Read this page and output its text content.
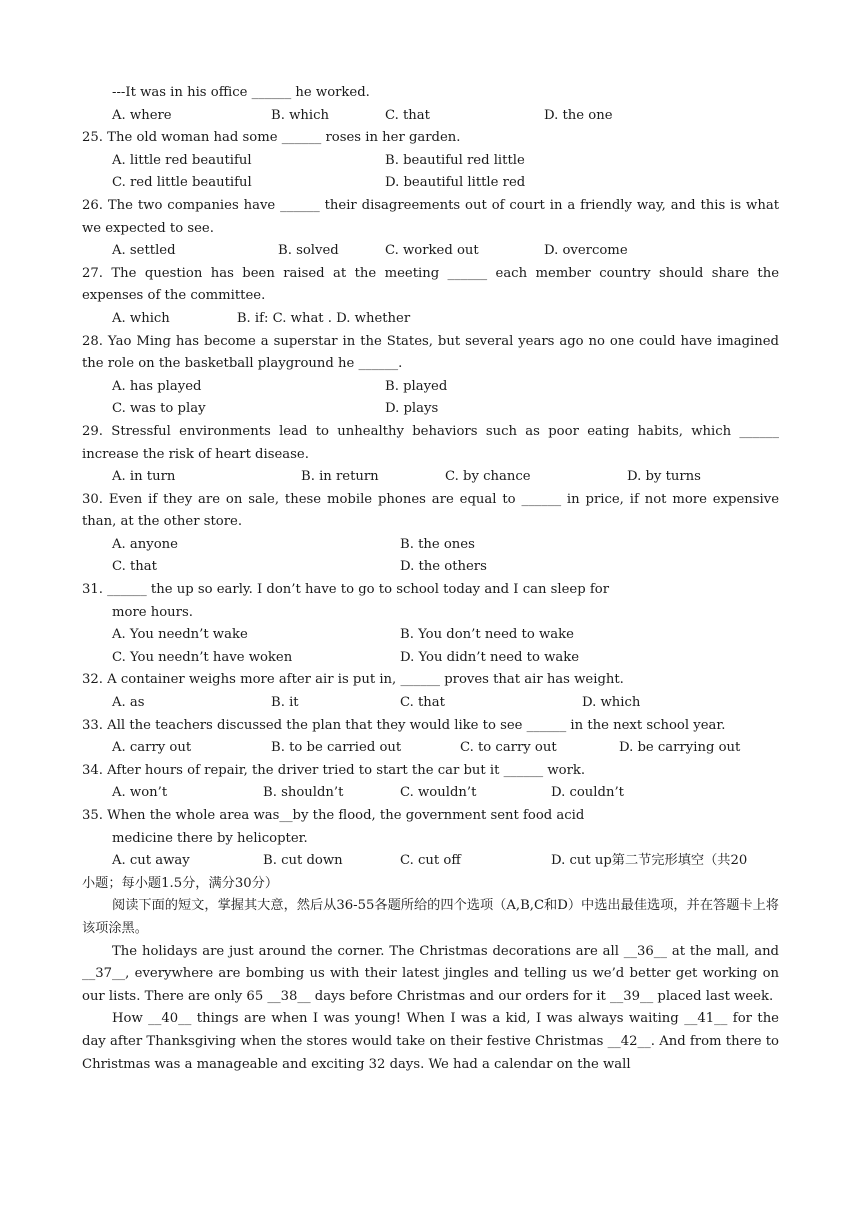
---It was in his office ______ he worked.

A. where

	B. which

	C. that

	D. the one

25. The old woman had some ______ roses in her garden.

A. little red beautiful

	B. beautiful red little

C. red little beautiful

	D. beautiful little red

26. The two companies have ______ their disagreements out of court in a friendly way, and this is what we expected to see.

A. settled

	B. solved

	C. worked out

	D. overcome

27. The question has been raised at the meeting ______ each member country should share the expenses of the committee.
A. which                B. if: C. what . D. whether
28. Yao Ming has become a superstar in the States, but several years ago no one could have imagined the role on the basketball playground he ______.

A. has played

	B. played

C. was to play

	D. plays

29. Stressful environments lead to unhealthy behaviors such as poor eating habits, which ______ increase the risk of heart disease.

A. in turn

	B. in return

	C. by chance

	D. by turns

30. Even if they are on sale, these mobile phones are equal to ______ in price, if not more expensive than, at the other store.

A. anyone

	B. the ones

C. that

	D. the others

31. ______ the up so early. I don’t have to go to school today and I can sleep for
more hours.

A. You needn’t wake

	B. You don’t need to wake

C. You needn’t have woken

	D. You didn’t need to wake

32. A container weighs more after air is put in, ______ proves that air has weight.

A. as

	B. it

	C. that

	D. which

33. All the teachers discussed the plan that they would like to see ______ in the next school year.

A. carry out

	B. to be carried out

	C. to carry out

	D. be carrying out

34. After hours of repair, the driver tried to start the car but it ______ work.

A. won’t

	B. shouldn’t

	C. wouldn’t

	D. couldn’t

35. When the whole area was__by the flood, the government sent food acid
medicine there by helicopter.

A. cut away

	B. cut down

	C. cut off

	D. cut up第二节完形填空（共20

小题；每小题1.5分，满分30分）
阅读下面的短文，掌握其大意，然后从36-55各题所给的四个选项（A,B,C和D）中选出最佳选项，并在答题卡上将该项涂黑。
The holidays are just around the corner. The Christmas decorations are all __36__ at the mall, and __37__, everywhere are bombing us with their latest jingles and telling us we’d better get working on our lists. There are only 65 __38__ days before Christmas and our orders for it __39__ placed last week.
How __40__ things are when I was young! When I was a kid, I was always waiting __41__ for the day after Thanksgiving when the stores would take on their festive Christmas __42__. And from there to Christmas was a manageable and exciting 32 days. We had a calendar on the wall
